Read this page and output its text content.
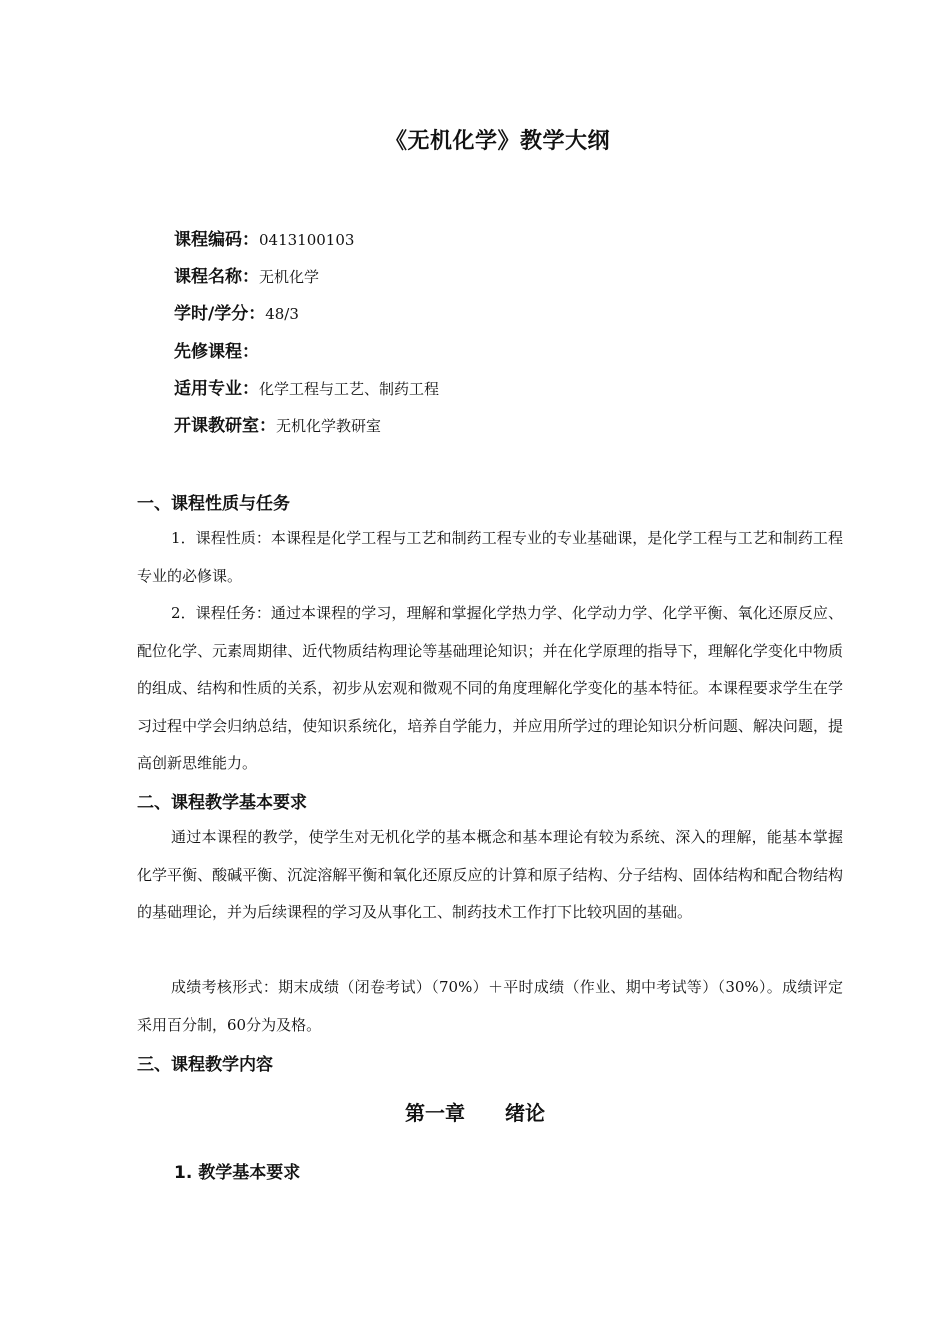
《无机化学》教学大纲
课程编码：0413100103
课程名称：无机化学
学时/学分：48/3
先修课程：
适用专业：化学工程与工艺、制药工程
开课教研室：无机化学教研室
一、课程性质与任务

1．课程性质：本课程是化学工程与工艺和制药工程专业的专业基础课，是化学工程与工艺和制药工程专业的必修课。

2．课程任务：通过本课程的学习，理解和掌握化学热力学、化学动力学、化学平衡、氧化还原反应、配位化学、元素周期律、近代物质结构理论等基础理论知识；并在化学原理的指导下，理解化学变化中物质的组成、结构和性质的关系，初步从宏观和微观不同的角度理解化学变化的基本特征。本课程要求学生在学习过程中学会归纳总结，使知识系统化，培养自学能力，并应用所学过的理论知识分析问题、解决问题，提高创新思维能力。

二、课程教学基本要求

通过本课程的教学，使学生对无机化学的基本概念和基本理论有较为系统、深入的理解，能基本掌握化学平衡、酸碱平衡、沉淀溶解平衡和氧化还原反应的计算和原子结构、分子结构、固体结构和配合物结构的基础理论，并为后续课程的学习及从事化工、制药技术工作打下比较巩固的基础。

成绩考核形式：期末成绩（闭卷考试）（70%）＋平时成绩（作业、期中考试等）（30%）。成绩评定采用百分制，60分为及格。

三、课程教学内容
第一章　　绪论
1. 教学基本要求
